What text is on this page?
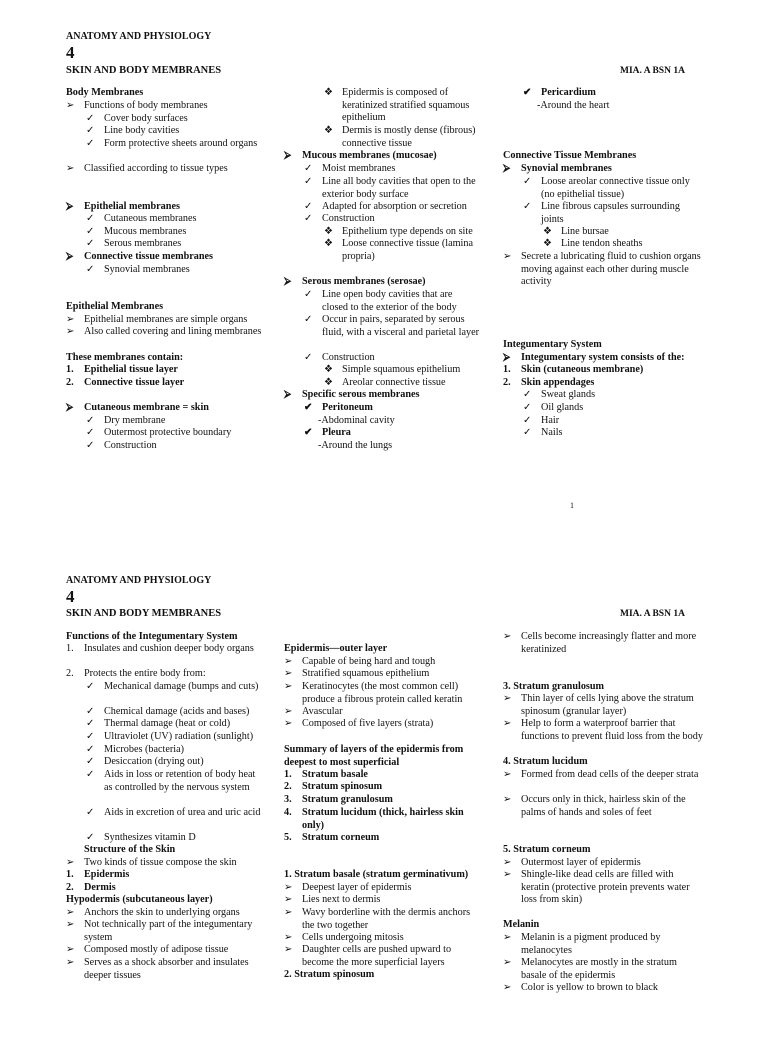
ANATOMY AND PHYSIOLOGY
4
SKIN AND BODY MEMBRANES	MIA. A BSN 1A
Body Membranes
➢ Functions of body membranes
✓ Cover body surfaces
✓ Line body cavities
✓ Form protective sheets around organs
➢ Classified according to tissue types
⮚	Epithelial membranes
✓ Cutaneous membranes
✓ Mucous membranes
✓ Serous membranes
⮚	Connective tissue membranes
✓ Synovial membranes
Epithelial Membranes
➢ Epithelial membranes are simple organs
➢ Also called covering and lining membranes
These membranes contain:
1.	Epithelial tissue layer
2.	Connective tissue layer
⮚	Cutaneous membrane = skin
✓ Dry membrane
✓ Outermost protective boundary
✓ Construction
❖ Epidermis is composed of keratinized stratified squamous epithelium
❖ Dermis is mostly dense (fibrous) connective tissue
⮚	Mucous membranes (mucosae)
✓ Moist membranes
✓ Line all body cavities that open to the exterior body surface
✓ Adapted for absorption or secretion
✓ Construction
❖ Epithelium type depends on site
❖ Loose connective tissue (lamina propria)
⮚	Serous membranes (serosae)
✓ Line open body cavities that are closed to the exterior of the body
✓ Occur in pairs, separated by serous fluid, with a visceral and parietal layer
✓ Construction
❖ Simple squamous epithelium
❖ Areolar connective tissue
⮚	Specific serous membranes
✔ Peritoneum
-Abdominal cavity
✔ Pleura
-Around the lungs
✔ Pericardium
-Around the heart
Connective Tissue Membranes
⮚	Synovial membranes
✓ Loose areolar connective tissue only (no epithelial tissue)
✓ Line fibrous capsules surrounding joints
❖ Line bursae
❖ Line tendon sheaths
➢ Secrete a lubricating fluid to cushion organs moving against each other during muscle activity
Integumentary System
⮚	Integumentary system consists of the:
1.	Skin (cutaneous membrane)
2.	Skin appendages
✓ Sweat glands
✓ Oil glands
✓ Hair
✓ Nails
1
ANATOMY AND PHYSIOLOGY
4
SKIN AND BODY MEMBRANES	MIA. A BSN 1A
Functions of the Integumentary System
1.	Insulates and cushion deeper body organs
2.	Protects the entire body from:
✓ Mechanical damage (bumps and cuts)
✓ Chemical damage (acids and bases)
✓ Thermal damage (heat or cold)
✓ Ultraviolet (UV) radiation (sunlight)
✓ Microbes (bacteria)
✓ Desiccation (drying out)
✓ Aids in loss or retention of body heat as controlled by the nervous system
✓ Aids in excretion of urea and uric acid
✓ Synthesizes vitamin D
Structure of the Skin
➢ Two kinds of tissue compose the skin
1.	Epidermis
2.	Dermis
Hypodermis (subcutaneous layer)
➢ Anchors the skin to underlying organs
➢ Not technically part of the integumentary system
➢ Composed mostly of adipose tissue
➢ Serves as a shock absorber and insulates deeper tissues
Epidermis—outer layer
➢ Capable of being hard and tough
➢ Stratified squamous epithelium
➢ Keratinocytes (the most common cell) produce a fibrous protein called keratin
➢ Avascular
➢ Composed of five layers (strata)
Summary of layers of the epidermis from deepest to most superficial
1.	Stratum basale
2.	Stratum spinosum
3.	Stratum granulosum
4.	Stratum lucidum (thick, hairless skin only)
5.	Stratum corneum
1. Stratum basale (stratum germinativum)
➢ Deepest layer of epidermis
➢ Lies next to dermis
➢ Wavy borderline with the dermis anchors the two together
➢ Cells undergoing mitosis
➢ Daughter cells are pushed upward to become the more superficial layers
2. Stratum spinosum
➢ Cells become increasingly flatter and more keratinized
3. Stratum granulosum
➢ Thin layer of cells lying above the stratum spinosum (granular layer)
➢ Help to form a waterproof barrier that functions to prevent fluid loss from the body
4. Stratum lucidum
➢ Formed from dead cells of the deeper strata
➢ Occurs only in thick, hairless skin of the palms of hands and soles of feet
5. Stratum corneum
➢ Outermost layer of epidermis
➢ Shingle-like dead cells are filled with keratin (protective protein prevents water loss from skin)
Melanin
➢ Melanin is a pigment produced by melanocytes
➢ Melanocytes are mostly in the stratum basale of the epidermis
➢ Color is yellow to brown to black
